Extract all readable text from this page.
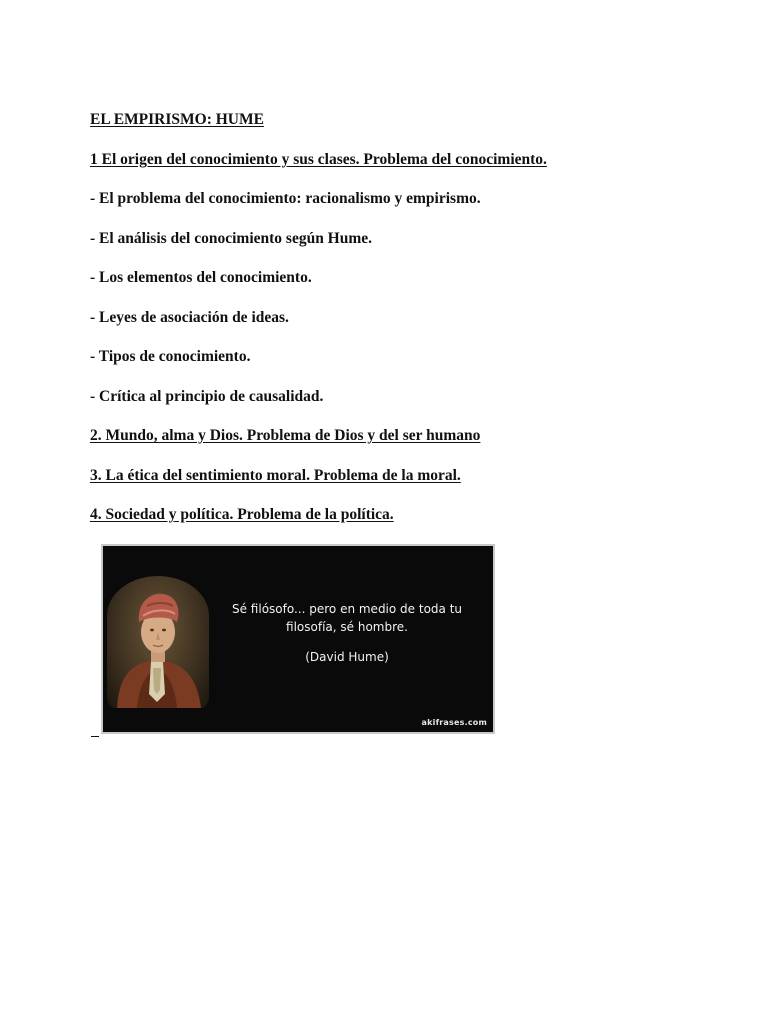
EL EMPIRISMO: HUME
1 El origen del conocimiento y sus clases. Problema del conocimiento.
- El problema del conocimiento: racionalismo y empirismo.
- El análisis del conocimiento según Hume.
- Los elementos del conocimiento.
- Leyes de asociación de ideas.
- Tipos de conocimiento.
- Crítica al principio de causalidad.
2. Mundo, alma y Dios. Problema de Dios y del ser humano
3. La ética del sentimiento moral. Problema de la moral.
4. Sociedad y política. Problema de la política.
Sé filósofo... pero en medio de toda tu filosofía, sé hombre.
(David Hume)
akifrases.com
